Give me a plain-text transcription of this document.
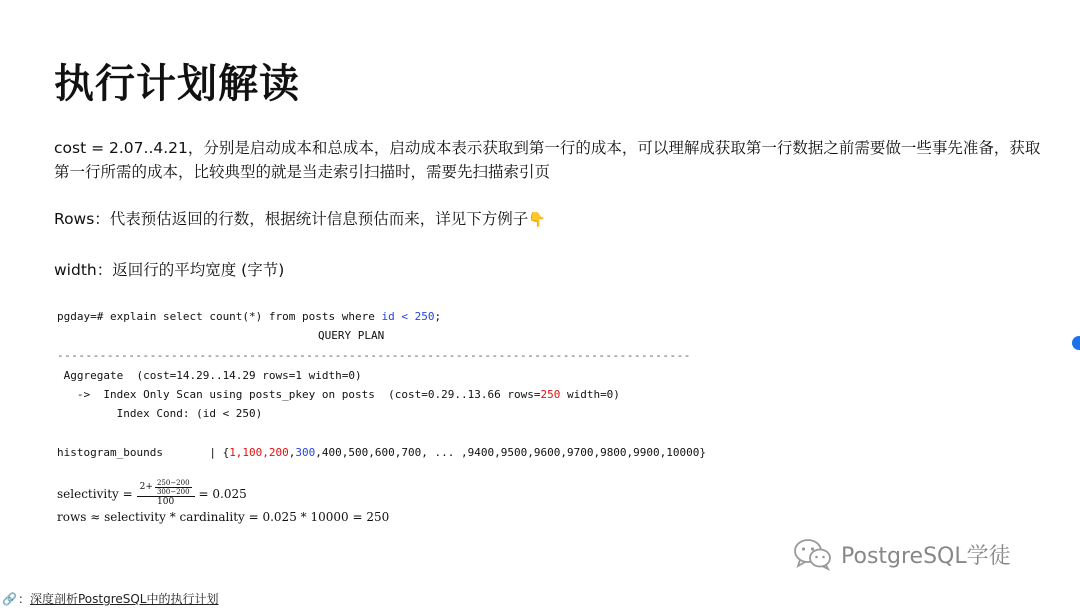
执行计划解读
cost = 2.07..4.21，分别是启动成本和总成本，启动成本表示获取到第一行的成本，可以理解成获取第一行数据之前需要做一些事先准备，获取第一行所需的成本，比较典型的就是当走索引扫描时，需要先扫描索引页
Rows：代表预估返回的行数，根据统计信息预估而来，详见下方例子👇
width：返回行的平均宽度 (字节)
pgday=# explain select count(*) from posts where id < 250;
QUERY PLAN
-----------------------------------------------------------------------------------------
Aggregate  (cost=14.29..14.29 rows=1 width=0)
->  Index Only Scan using posts_pkey on posts  (cost=0.29..13.66 rows=250 width=0)
Index Cond: (id < 250)
histogram_bounds       | {1,100,200,300,400,500,600,700, ... ,9400,9500,9600,9700,9800,9900,10000}
selectivity = $\frac{2+ \frac{250-200}{300-200}}{100} = 0.025$
rows ≈ selectivity * cardinality = 0.025 * 10000 = 250
PostgreSQL学徒
🔗 ： 深度剖析PostgreSQL中的执行计划
